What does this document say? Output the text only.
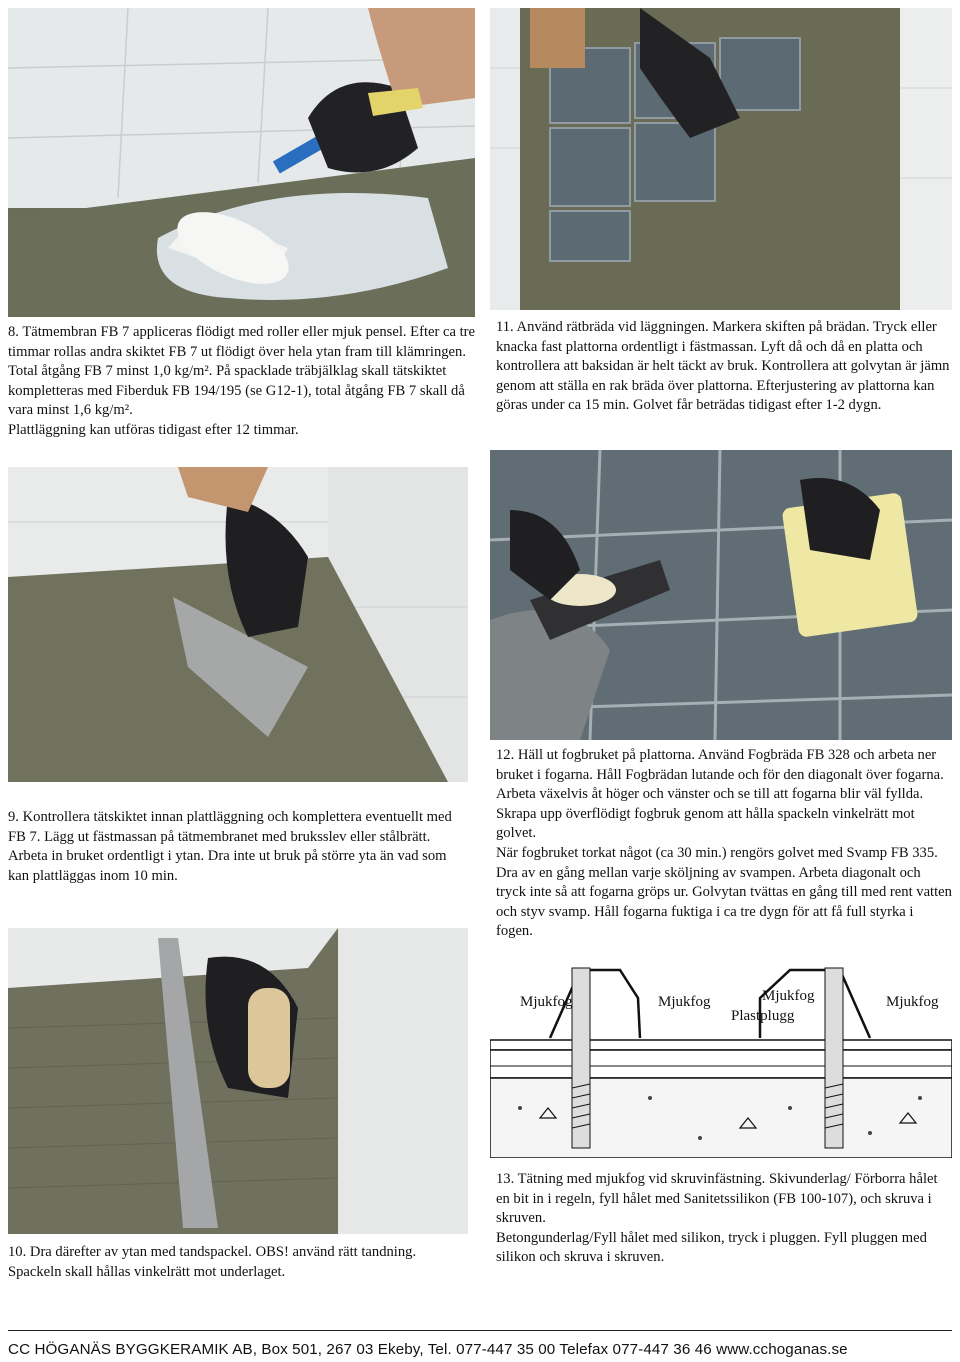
Mjukfog	Mjukfog	Mjukfog
Plastplugg
Mjukfog

8. Tätmembran FB 7 appliceras flödigt med roller eller mjuk pensel. Efter ca tre timmar rollas andra skiktet FB 7 ut flödigt över hela ytan fram till klämringen. Total åtgång FB 7 minst 1,0 kg/m². På spacklade träbjälklag skall tätskiktet kompletteras med Fiberduk FB 194/195 (se G12-1), total åtgång FB 7 skall då vara minst 1,6 kg/m².

Plattläggning kan utföras tidigast efter 12 timmar.

11. Använd rätbräda vid läggningen. Markera skiften på brädan. Tryck eller knacka fast plattorna ordentligt i fästmassan. Lyft då och då en platta och kontrollera att baksidan är helt täckt av bruk. Kontrollera att golvytan är jämn genom att ställa en rak bräda över plattorna. Efterjustering av plattorna kan göras under ca 15 min. Golvet får beträdas tidigast efter 1-2 dygn.

9. Kontrollera tätskiktet innan plattläggning och komplettera eventuellt med FB 7. Lägg ut fästmassan på tätmembranet med bruksslev eller stålbrätt. Arbeta in bruket ordentligt i ytan. Dra inte ut bruk på större yta än vad som kan plattläggas inom 10 min.

12. Häll ut fogbruket på plattorna. Använd Fogbräda FB 328 och arbeta ner bruket i fogarna. Håll Fogbrädan lutande och för den diagonalt över fogarna. Arbeta växelvis åt höger och vänster och se till att fogarna blir väl fyllda. Skrapa upp överflödigt fogbruk genom att hålla spackeln vinkelrätt mot golvet.

När fogbruket torkat något (ca 30 min.) rengörs golvet med Svamp FB 335. Dra av en gång mellan varje sköljning av svampen. Arbeta diagonalt och tryck inte så att fogarna gröps ur. Golvytan tvättas en gång till med rent vatten och styv svamp. Håll fogarna fuktiga i ca tre dygn för att få full styrka i fogen.

10. Dra därefter av ytan med tandspackel. OBS! använd rätt tandning. Spackeln skall hållas vinkelrätt mot underlaget.

13. Tätning med mjukfog vid skruvinfästning. Skivunderlag/ Förborra hålet en bit in i regeln, fyll hålet med Sanitetssilikon (FB 100-107), och skruva i skruven.

Betongunderlag/Fyll hålet med silikon, tryck i pluggen. Fyll pluggen med silikon och skruva i skruven.

CC HÖGANÄS BYGGKERAMIK AB, Box 501, 267 03 Ekeby, Tel. 077-447 35 00 Telefax 077-447 36 46 www.cchoganas.se
